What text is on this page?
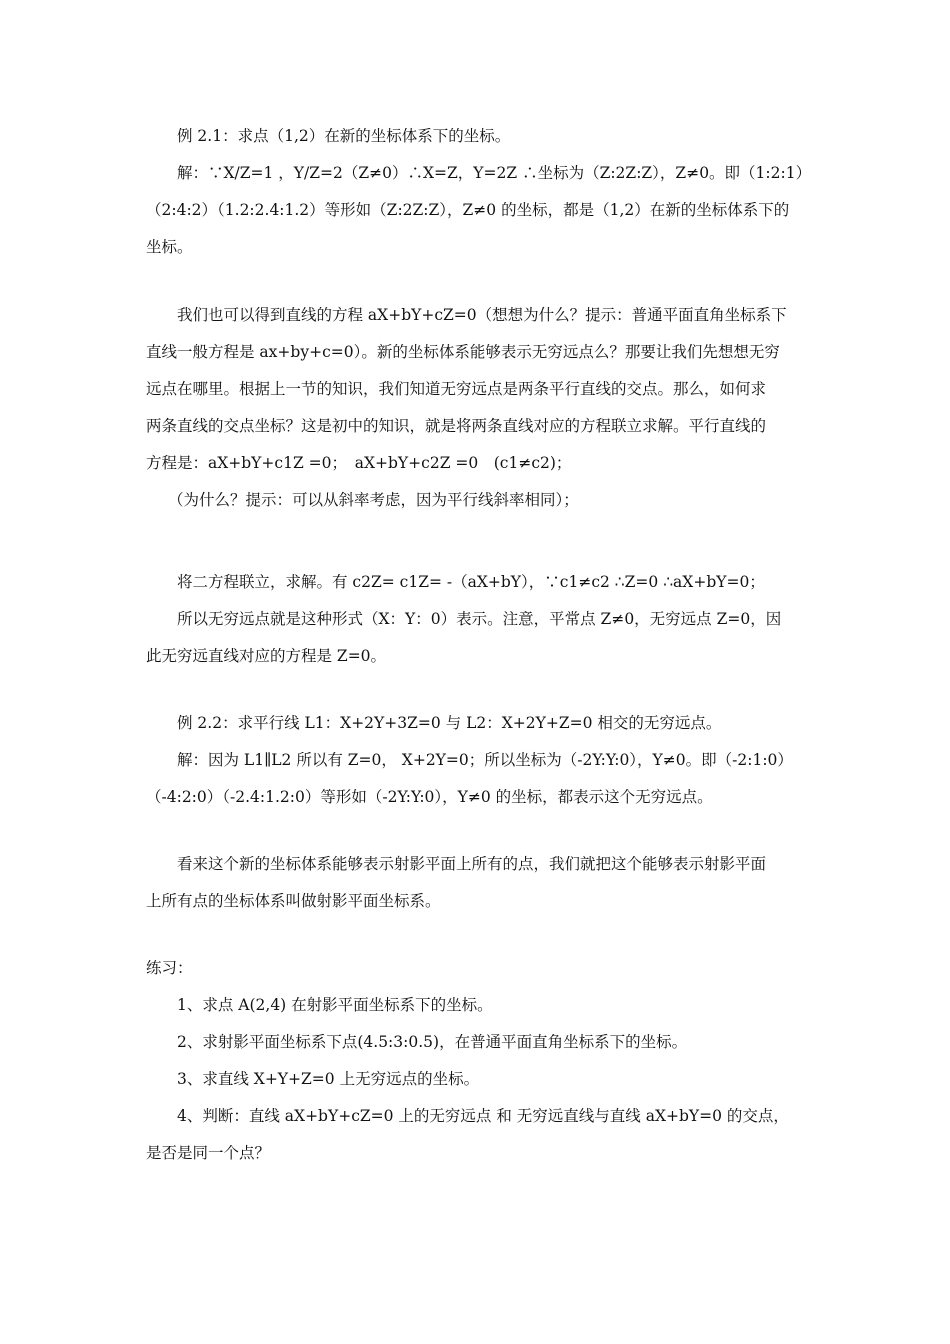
例 2.1：求点（1,2）在新的坐标体系下的坐标。

解：∵X/Z=1 ，Y/Z=2（Z≠0）∴X=Z，Y=2Z ∴坐标为（Z:2Z:Z），Z≠0。即（1:2:1）

（2:4:2）（1.2:2.4:1.2）等形如（Z:2Z:Z），Z≠0 的坐标，都是（1,2）在新的坐标体系下的

坐标。

我们也可以得到直线的方程 aX+bY+cZ=0（想想为什么？提示：普通平面直角坐标系下

直线一般方程是 ax+by+c=0）。新的坐标体系能够表示无穷远点么？那要让我们先想想无穷

远点在哪里。根据上一节的知识，我们知道无穷远点是两条平行直线的交点。那么，如何求

两条直线的交点坐标？这是初中的知识，就是将两条直线对应的方程联立求解。平行直线的

方程是：aX+bY+c1Z =0；　aX+bY+c2Z =0　(c1≠c2)；

（为什么？提示：可以从斜率考虑，因为平行线斜率相同）；

将二方程联立，求解。有 c2Z= c1Z= -（aX+bY），∵c1≠c2 ∴Z=0 ∴aX+bY=0；

所以无穷远点就是这种形式（X：Y：0）表示。注意，平常点 Z≠0，无穷远点 Z=0，因

此无穷远直线对应的方程是 Z=0。

例 2.2：求平行线 L1：X+2Y+3Z=0 与 L2：X+2Y+Z=0 相交的无穷远点。

解：因为 L1∥L2 所以有 Z=0， X+2Y=0；所以坐标为（-2Y:Y:0），Y≠0。即（-2:1:0）

（-4:2:0）（-2.4:1.2:0）等形如（-2Y:Y:0），Y≠0 的坐标，都表示这个无穷远点。

看来这个新的坐标体系能够表示射影平面上所有的点，我们就把这个能够表示射影平面

上所有点的坐标体系叫做射影平面坐标系。

练习：

1、求点 A(2,4) 在射影平面坐标系下的坐标。

2、求射影平面坐标系下点(4.5:3:0.5)，在普通平面直角坐标系下的坐标。

3、求直线 X+Y+Z=0 上无穷远点的坐标。

4、判断：直线 aX+bY+cZ=0 上的无穷远点 和 无穷远直线与直线 aX+bY=0 的交点，

是否是同一个点？
